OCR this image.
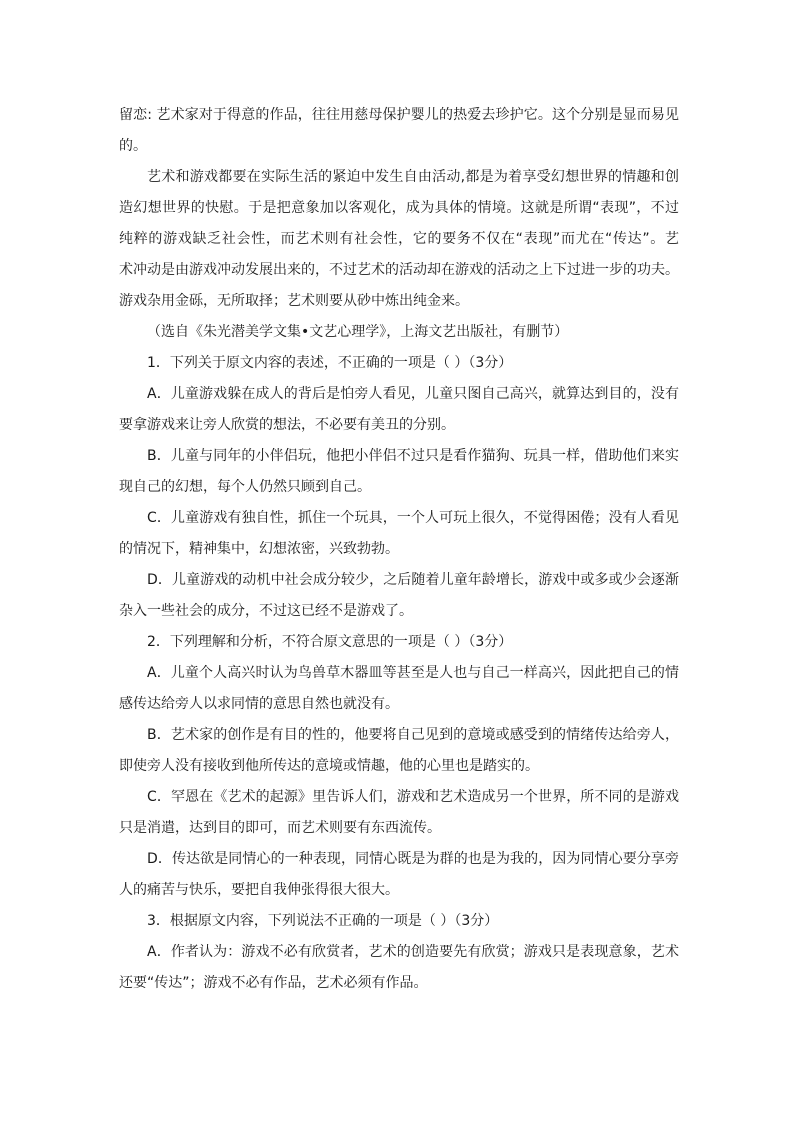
留恋: 艺术家对于得意的作品，往往用慈母保护婴儿的热爱去珍护它。这个分别是显而易见
的。
艺术和游戏都要在实际生活的紧迫中发生自由活动,都是为着享受幻想世界的情趣和创
造幻想世界的快慰。于是把意象加以客观化，成为具体的情境。这就是所谓“表现”，不过
纯粹的游戏缺乏社会性，而艺术则有社会性，它的要务不仅在“表现”而尤在“传达”。艺
术冲动是由游戏冲动发展出来的，不过艺术的活动却在游戏的活动之上下过进一步的功夫。
游戏杂用金砾，无所取择；艺术则要从砂中炼出纯金来。
（选自《朱光潜美学文集•文艺心理学》，上海文艺出版社，有删节）
1．下列关于原文内容的表述，不正确的一项是（ ）（3分）
A．儿童游戏躲在成人的背后是怕旁人看见，儿童只图自己高兴，就算达到目的，没有
要拿游戏来让旁人欣赏的想法，不必要有美丑的分别。
B．儿童与同年的小伴侣玩，他把小伴侣不过只是看作猫狗、玩具一样，借助他们来实
现自己的幻想，每个人仍然只顾到自己。
C．儿童游戏有独自性，抓住一个玩具，一个人可玩上很久，不觉得困倦；没有人看见
的情况下，精神集中，幻想浓密，兴致勃勃。
D．儿童游戏的动机中社会成分较少，之后随着儿童年龄增长，游戏中或多或少会逐渐
杂入一些社会的成分，不过这已经不是游戏了。
2．下列理解和分析，不符合原文意思的一项是（ ）（3分）
A．儿童个人高兴时认为鸟兽草木器皿等甚至是人也与自己一样高兴，因此把自己的情
感传达给旁人以求同情的意思自然也就没有。
B．艺术家的创作是有目的性的，他要将自己见到的意境或感受到的情绪传达给旁人，
即使旁人没有接收到他所传达的意境或情趣，他的心里也是踏实的。
C．罕恩在《艺术的起源》里告诉人们，游戏和艺术造成另一个世界，所不同的是游戏
只是消遣，达到目的即可，而艺术则要有东西流传。
D．传达欲是同情心的一种表现，同情心既是为群的也是为我的，因为同情心要分享旁
人的痛苦与快乐，要把自我伸张得很大很大。
3．根据原文内容，下列说法不正确的一项是（ ）（3分）
A．作者认为：游戏不必有欣赏者，艺术的创造要先有欣赏；游戏只是表现意象，艺术
还要“传达”；游戏不必有作品，艺术必须有作品。
